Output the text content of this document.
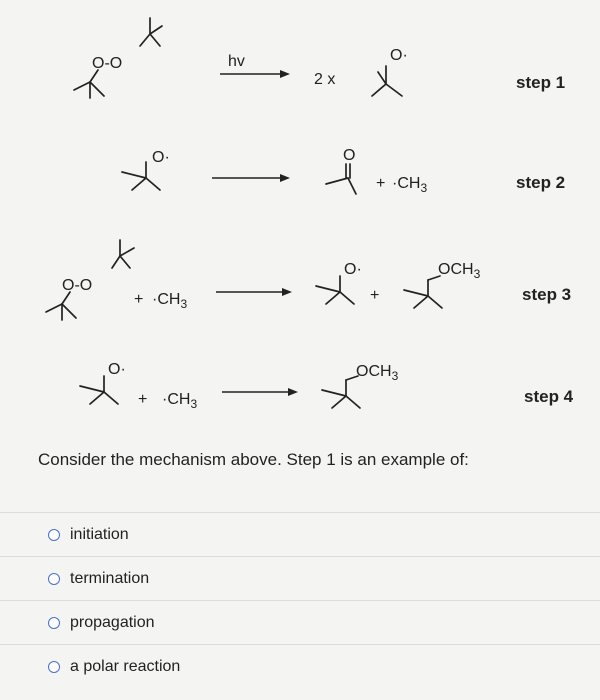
O-O	hv
2 x
O·
step 1
O·	O
+ $\cdot CH_3$	step 2
O-O
+ $\cdot CH_3$
O·
+
$OCH_3$
step 3
O·
+ $\cdot CH_3$
$OCH_3$
step 4
Consider the mechanism above. Step 1 is an example of:
initiation
termination
propagation
a polar reaction
